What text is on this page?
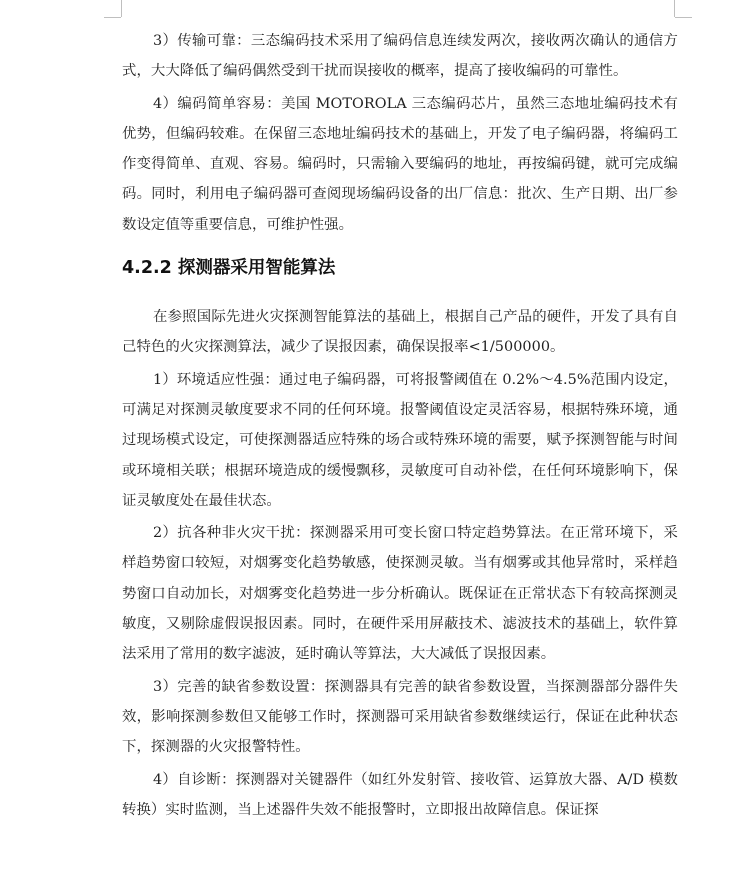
3）传输可靠：三态编码技术采用了编码信息连续发两次，接收两次确认的通信方式，大大降低了编码偶然受到干扰而误接收的概率，提高了接收编码的可靠性。

4）编码简单容易：美国 MOTOROLA 三态编码芯片，虽然三态地址编码技术有优势，但编码较难。在保留三态地址编码技术的基础上，开发了电子编码器，将编码工作变得简单、直观、容易。编码时，只需输入要编码的地址，再按编码键，就可完成编码。同时，利用电子编码器可查阅现场编码设备的出厂信息：批次、生产日期、出厂参数设定值等重要信息，可维护性强。

4.2.2 探测器采用智能算法

在参照国际先进火灾探测智能算法的基础上，根据自己产品的硬件，开发了具有自己特色的火灾探测算法，减少了误报因素，确保误报率<1/500000。

1）环境适应性强：通过电子编码器，可将报警阈值在 0.2%～4.5%范围内设定，可满足对探测灵敏度要求不同的任何环境。报警阈值设定灵活容易，根据特殊环境，通过现场模式设定，可使探测器适应特殊的场合或特殊环境的需要，赋予探测智能与时间或环境相关联；根据环境造成的缓慢飘移，灵敏度可自动补偿，在任何环境影响下，保证灵敏度处在最佳状态。

2）抗各种非火灾干扰：探测器采用可变长窗口特定趋势算法。在正常环境下，采样趋势窗口较短，对烟雾变化趋势敏感，使探测灵敏。当有烟雾或其他异常时，采样趋势窗口自动加长，对烟雾变化趋势进一步分析确认。既保证在正常状态下有较高探测灵敏度，又剔除虚假误报因素。同时，在硬件采用屏蔽技术、滤波技术的基础上，软件算法采用了常用的数字滤波，延时确认等算法，大大减低了误报因素。

3）完善的缺省参数设置：探测器具有完善的缺省参数设置，当探测器部分器件失效，影响探测参数但又能够工作时，探测器可采用缺省参数继续运行，保证在此种状态下，探测器的火灾报警特性。

4）自诊断：探测器对关键器件（如红外发射管、接收管、运算放大器、A/D 模数转换）实时监测，当上述器件失效不能报警时，立即报出故障信息。保证探
